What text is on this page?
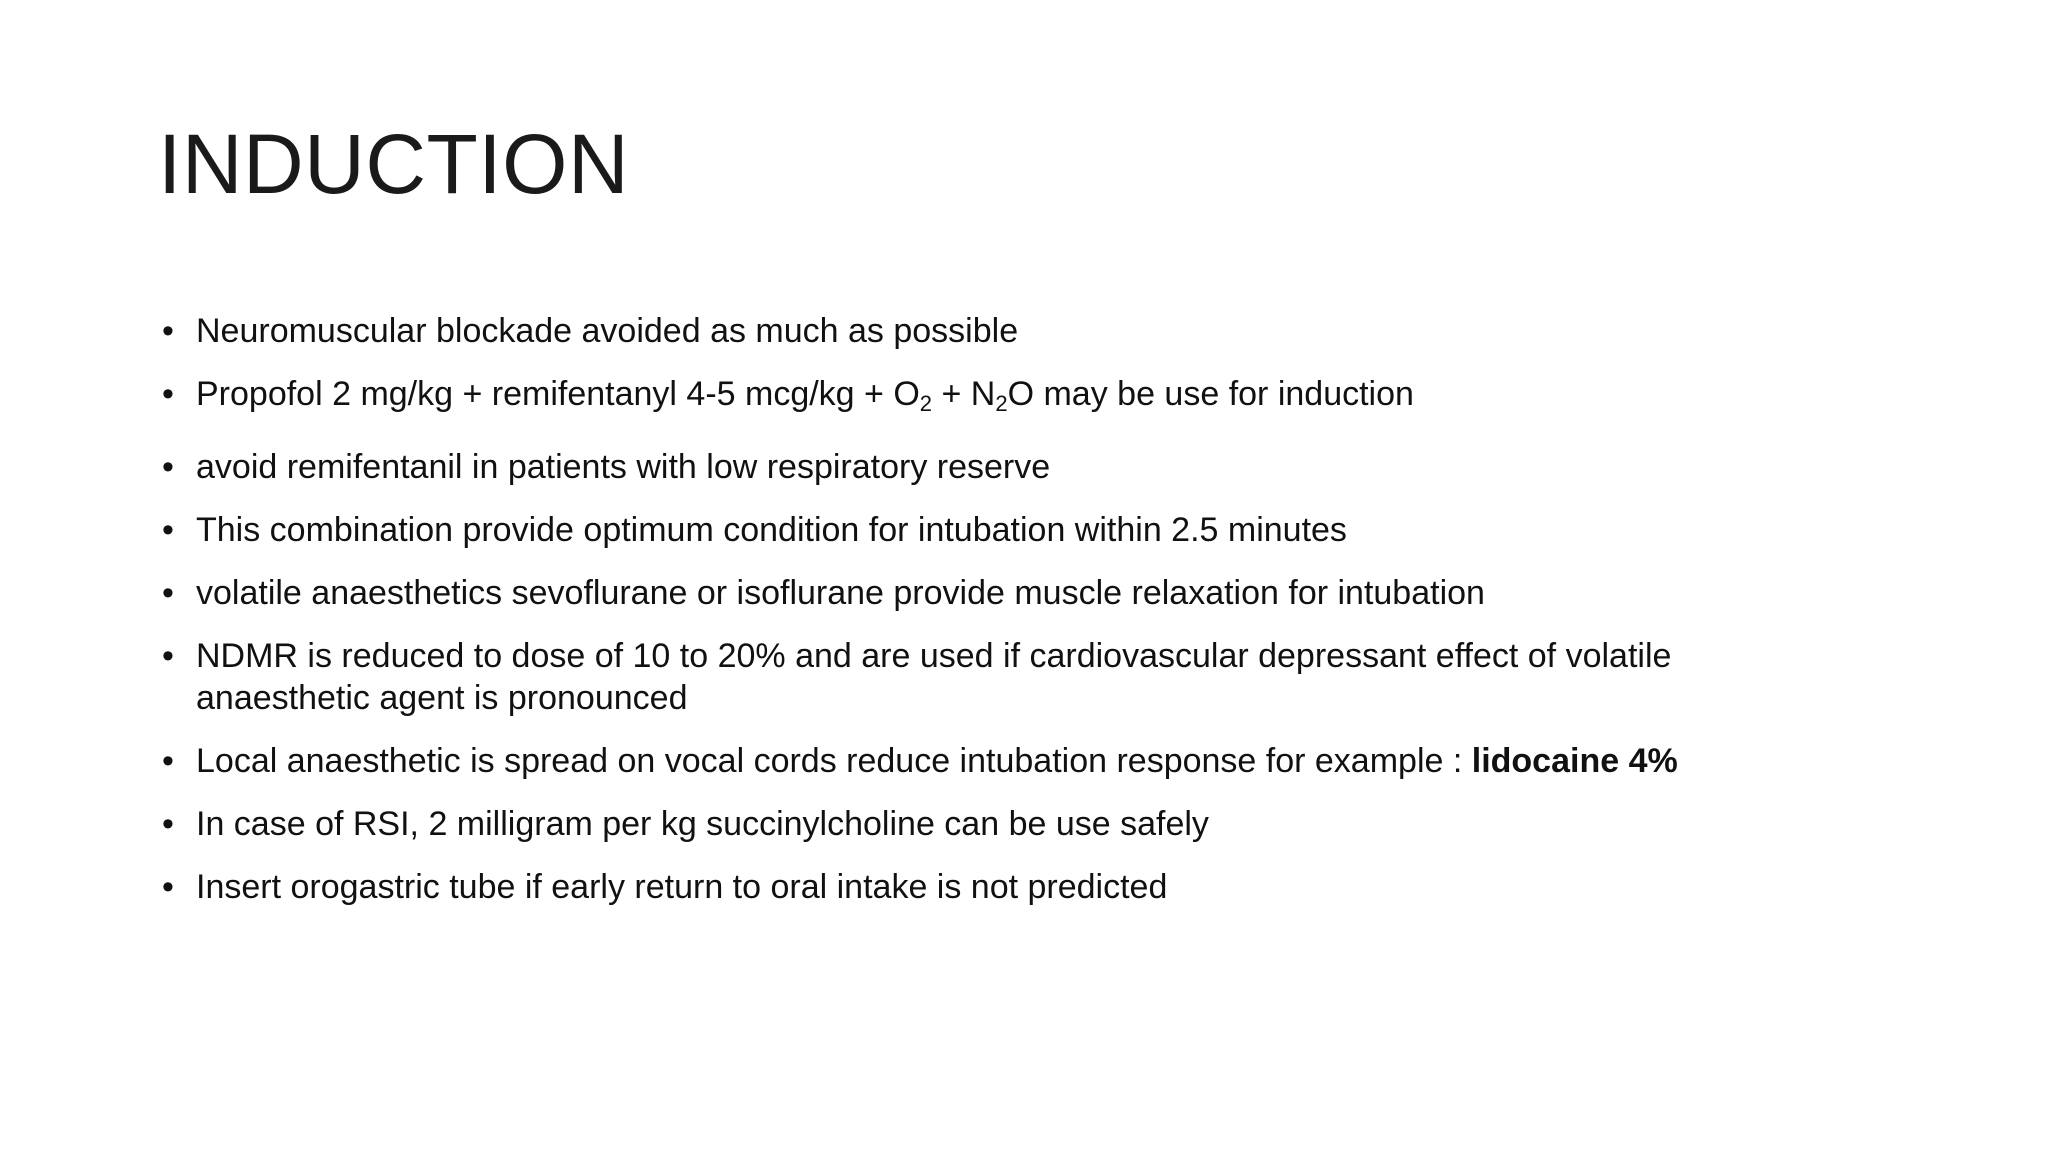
INDUCTION
• Neuromuscular blockade avoided as much as possible
• Propofol 2 mg/kg + remifentanyl 4-5 $mcg/kg + O_2 + N_2O$ may be use for induction
• avoid remifentanil in patients with low respiratory reserve
• This combination provide optimum condition for intubation within 2.5 minutes
• volatile anaesthetics sevoflurane or isoflurane provide muscle relaxation for intubation
• NDMR is reduced to dose of 10 to 20% and are used if cardiovascular depressant effect of volatile anaesthetic agent is pronounced
• Local anaesthetic is spread on vocal cords reduce intubation response for example : lidocaine 4%
• In case of RSI, 2 milligram per kg succinylcholine can be use safely
• Insert orogastric tube if early return to oral intake is not predicted
